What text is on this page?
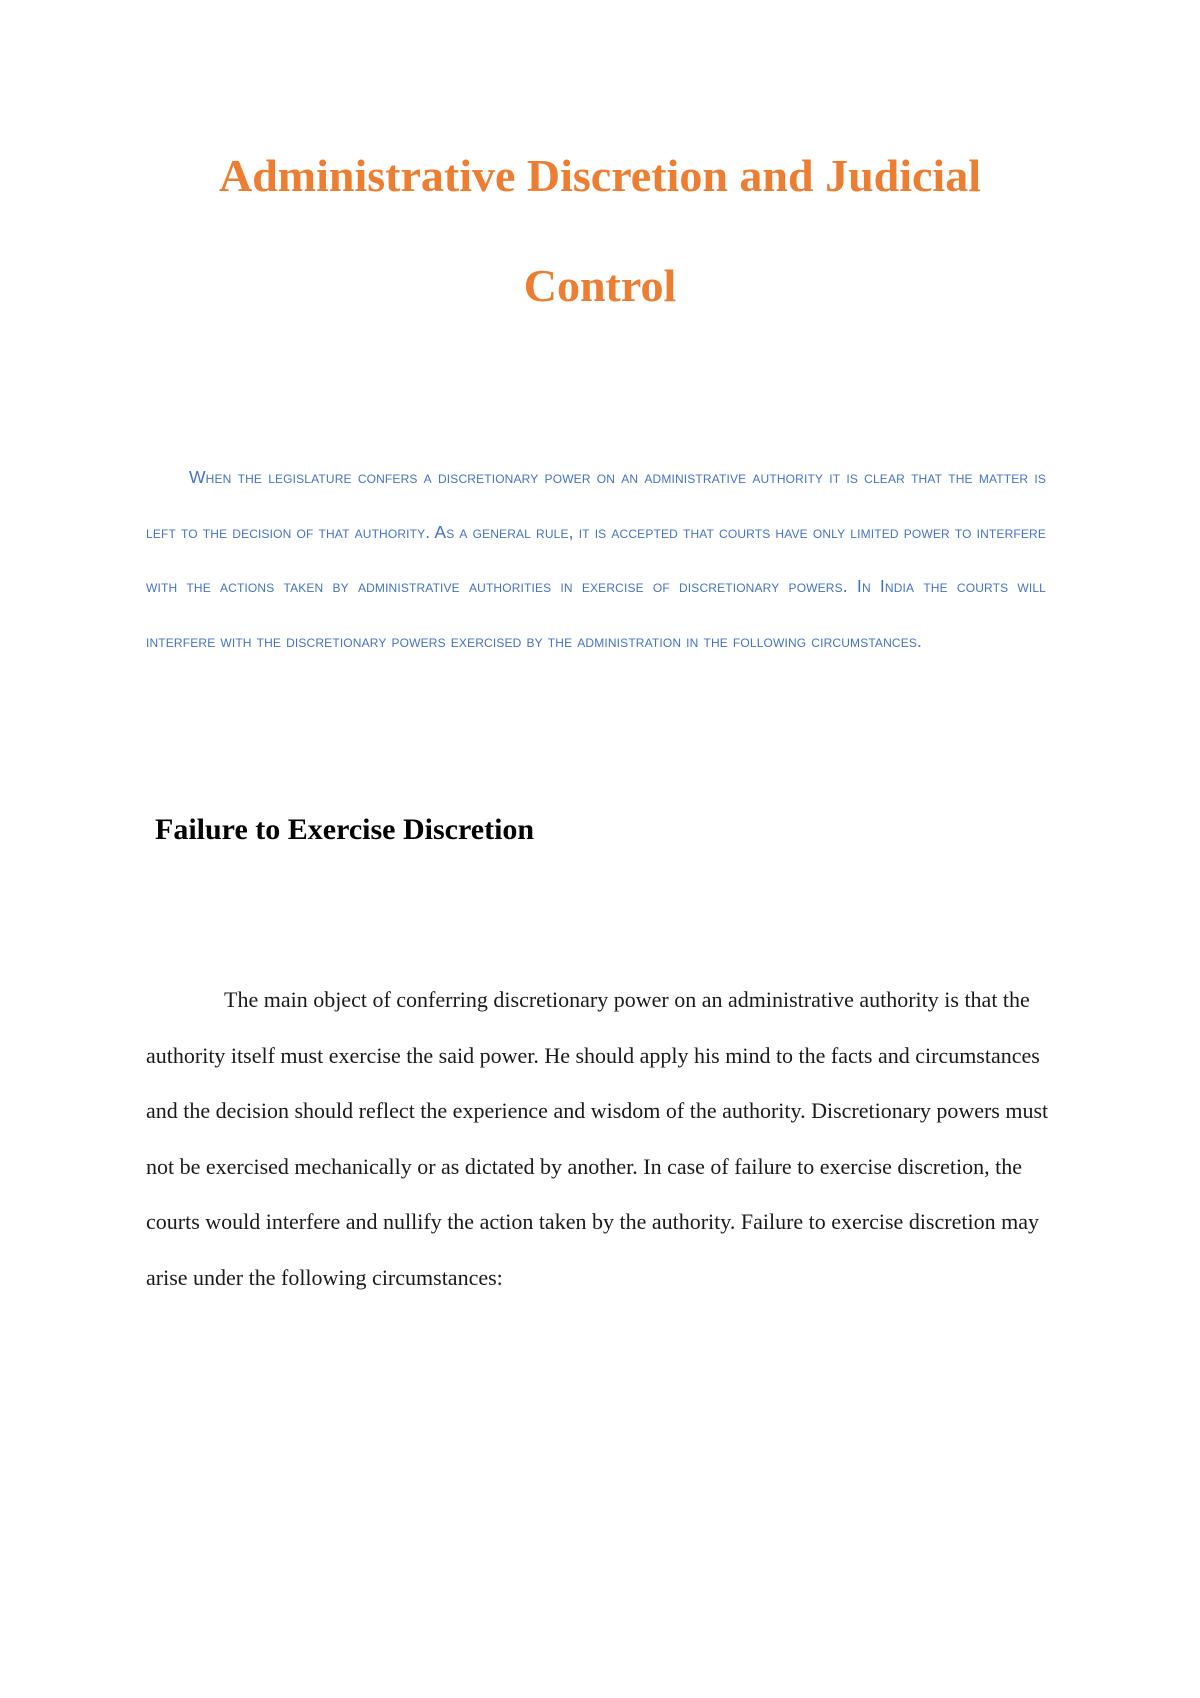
Administrative Discretion and Judicial
Control

When the legislature confers a discretionary power on an administrative authority it is clear that the matter is left to the decision of that authority. As a general rule, it is accepted that courts have only limited power to interfere with the actions taken by administrative authorities in exercise of discretionary powers. In India the courts will interfere with the discretionary powers exercised by the administration in the following circumstances.

Failure to Exercise Discretion

The main object of conferring discretionary power on an administrative authority is that the authority itself must exercise the said power. He should apply his mind to the facts and circumstances and the decision should reflect the experience and wisdom of the authority. Discretionary powers must not be exercised mechanically or as dictated by another. In case of failure to exercise discretion, the courts would interfere and nullify the action taken by the authority. Failure to exercise discretion may arise under the following circumstances:
